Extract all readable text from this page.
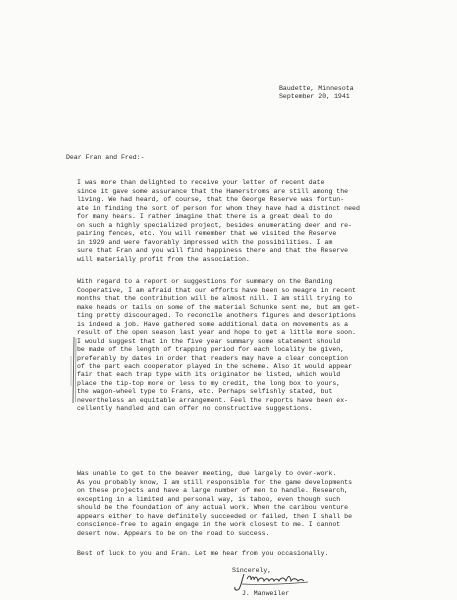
Baudette, Minnesota
September 20, 1941
Dear Fran and Fred:-

I was more than delighted to receive your letter of recent date
since it gave some assurance that the Hamerstroms are still among the
living. We had heard, of course, that the George Reserve was fortun-
ate in finding the sort of person for whom they have had a distinct need
for many hears. I rather imagine that there is a great deal to do
on such a highly specialized project, besides enumerating deer and re-
pairing fences, etc. You will remember that we visited the Reserve
in 1929 and were favorably impressed with the possibilities. I am
sure that Fran and you will find happiness there and that the Reserve
will materially profit from the association.

With regard to a report or suggestions for summary on the Banding
Cooperative, I am afraid that our efforts have been so meagre in recent
months that the contribution will be almost nill. I am still trying to
make heads or tails on some of the material Schunke sent me, but am get-
ting pretty discouraged. To reconcile anothers figures and descriptions
is indeed a job. Have gathered some additional data on movements as a
result of the open season last year and hope to get a little more soon.
I would suggest that in the five year summary some statement should
be made of the length of trapping period for each locality be given,
preferably by dates in order that readers may have a clear conception
of the part each cooperator played in the scheme. Also it would appear
fair that each trap type with its originator be listed, which would
place the tip-top more or less to my credit, the long box to yours,
the wagon-wheel type to Frans, etc. Perhaps selfishly stated, but
nevertheless an equitable arrangement. Feel the reports have been ex-
cellently handled and can offer no constructive suggestions.

Was unable to get to the beaver meeting, due largely to over-work.
As you probably know, I am still responsible for the game developments
on these projects and have a large number of men to handle. Research,
excepting in a limited and personal way, is taboo, even though such
should be the foundation of any actual work. When the caribou venture
appears either to have definitely succeeded or failed, then I shall be
conscience-free to again engage in the work closest to me. I cannot
desert now. Appears to be on the road to success.

Best of luck to you and Fran. Let me hear from you occasionally.
Sincerely,
J. Manweiler
